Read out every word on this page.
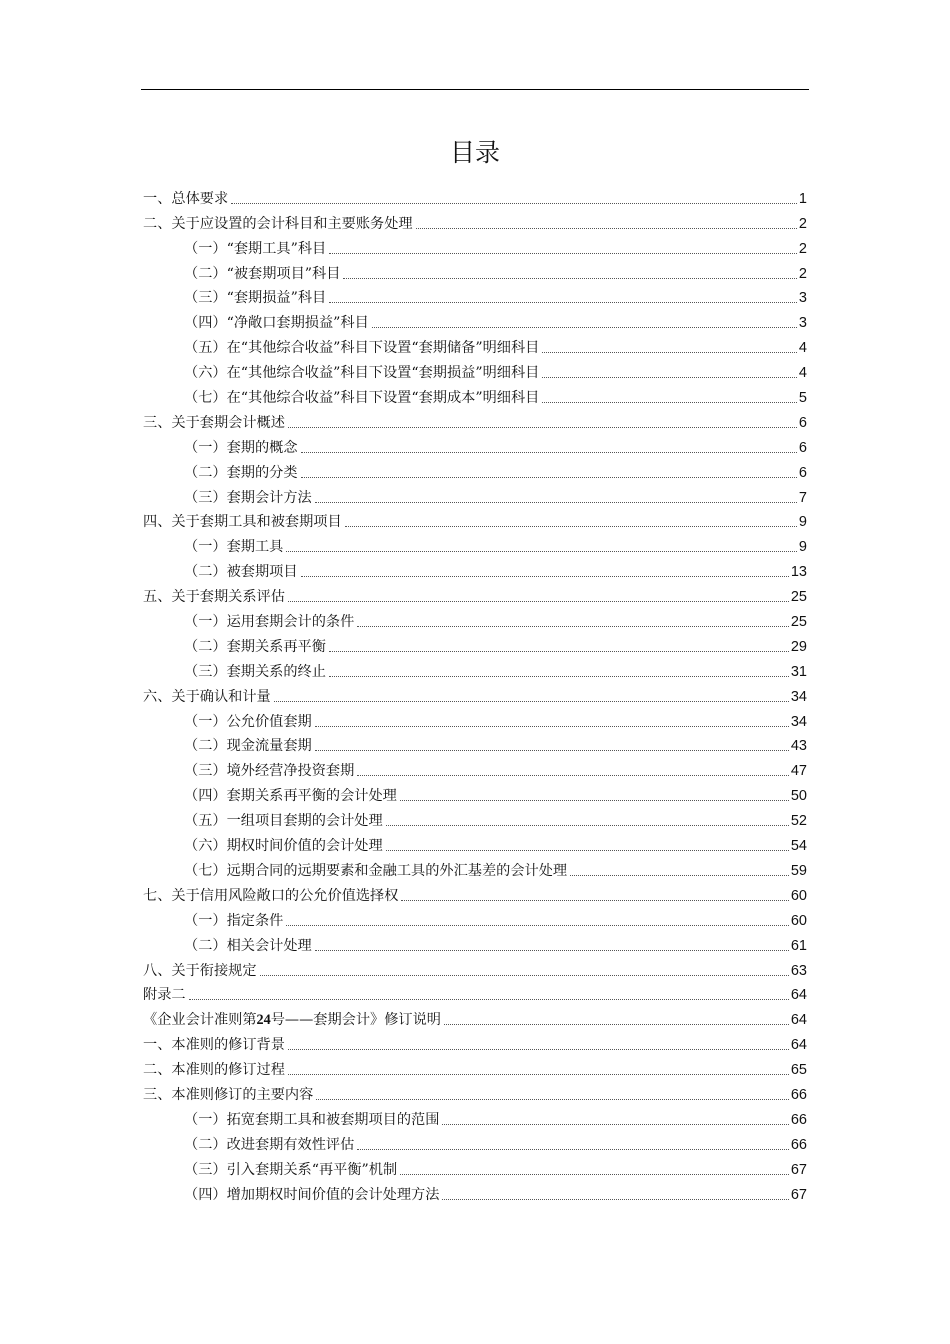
目录
一、总体要求	1
二、关于应设置的会计科目和主要账务处理	2
（一）“套期工具”科目	2
（二）“被套期项目”科目	2
（三）“套期损益”科目	3
（四）“净敞口套期损益”科目	3
（五）在“其他综合收益”科目下设置“套期储备”明细科目	4
（六）在“其他综合收益”科目下设置“套期损益”明细科目	4
（七）在“其他综合收益”科目下设置“套期成本”明细科目	5
三、关于套期会计概述	6
（一）套期的概念	6
（二）套期的分类	6
（三）套期会计方法	7
四、关于套期工具和被套期项目	9
（一）套期工具	9
（二）被套期项目	13
五、关于套期关系评估	25
（一）运用套期会计的条件	25
（二）套期关系再平衡	29
（三）套期关系的终止	31
六、关于确认和计量	34
（一）公允价值套期	34
（二）现金流量套期	43
（三）境外经营净投资套期	47
（四）套期关系再平衡的会计处理	50
（五）一组项目套期的会计处理	52
（六）期权时间价值的会计处理	54
（七）远期合同的远期要素和金融工具的外汇基差的会计处理	59
七、关于信用风险敞口的公允价值选择权	60
（一）指定条件	60
（二）相关会计处理	61
八、关于衔接规定	63
附录二	64
《企业会计准则第24号——套期会计》修订说明	64
一、本准则的修订背景	64
二、本准则的修订过程	65
三、本准则修订的主要内容	66
（一）拓宽套期工具和被套期项目的范围	66
（二）改进套期有效性评估	66
（三）引入套期关系“再平衡”机制	67
（四）增加期权时间价值的会计处理方法	67
